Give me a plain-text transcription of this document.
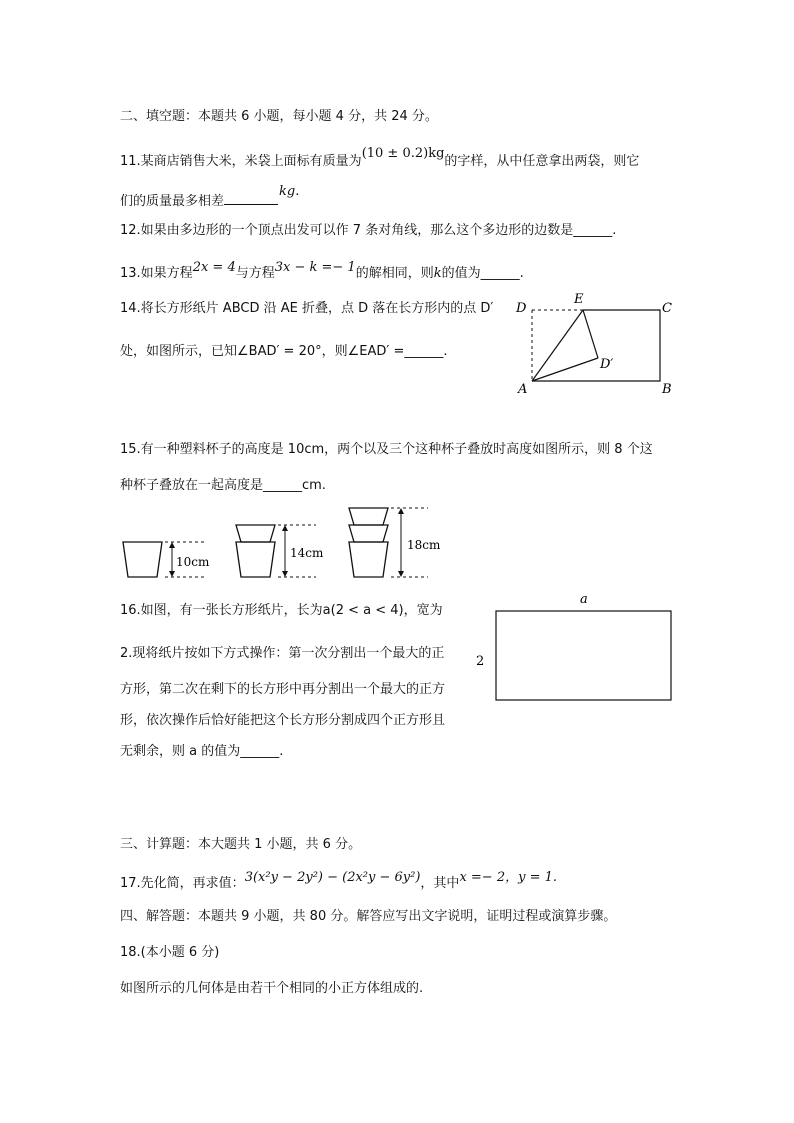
二、填空题：本题共 6 小题，每小题 4 分，共 24 分。
11.某商店销售大米，米袋上面标有质量为(10 ± 0.2)kg的字样，从中任意拿出两袋，则它
们的质量最多相差kg.
12.如果由多边形的一个顶点出发可以作 7 条对角线，那么这个多边形的边数是______.
13.如果方程2x = 4与方程3x − k =− 1的解相同，则k的值为______.
14.将长方形纸片 ABCD 沿 AE 折叠，点 D 落在长方形内的点 D′
处，如图所示，已知∠BAD′ = 20°，则∠EAD′ =______.
D
E
C
A	B
D′
15.有一种塑料杯子的高度是 10cm，两个以及三个这种杯子叠放时高度如图所示，则 8 个这
种杯子叠放在一起高度是______cm.
10cm
14cm
18cm
16.如图，有一张长方形纸片，长为a(2 < a < 4)，宽为
2.现将纸片按如下方式操作：第一次分割出一个最大的正
方形，第二次在剩下的长方形中再分割出一个最大的正方
形，依次操作后恰好能把这个长方形分割成四个正方形且
无剩余，则 a 的值为______.
a
2
三、计算题：本大题共 1 小题，共 6 分。
17.先化简，再求值：3(x²y − 2y²) − (2x²y − 6y²)，其中x =− 2，y = 1.
四、解答题：本题共 9 小题，共 80 分。解答应写出文字说明，证明过程或演算步骤。
18.(本小题 6 分)
如图所示的几何体是由若干个相同的小正方体组成的.
